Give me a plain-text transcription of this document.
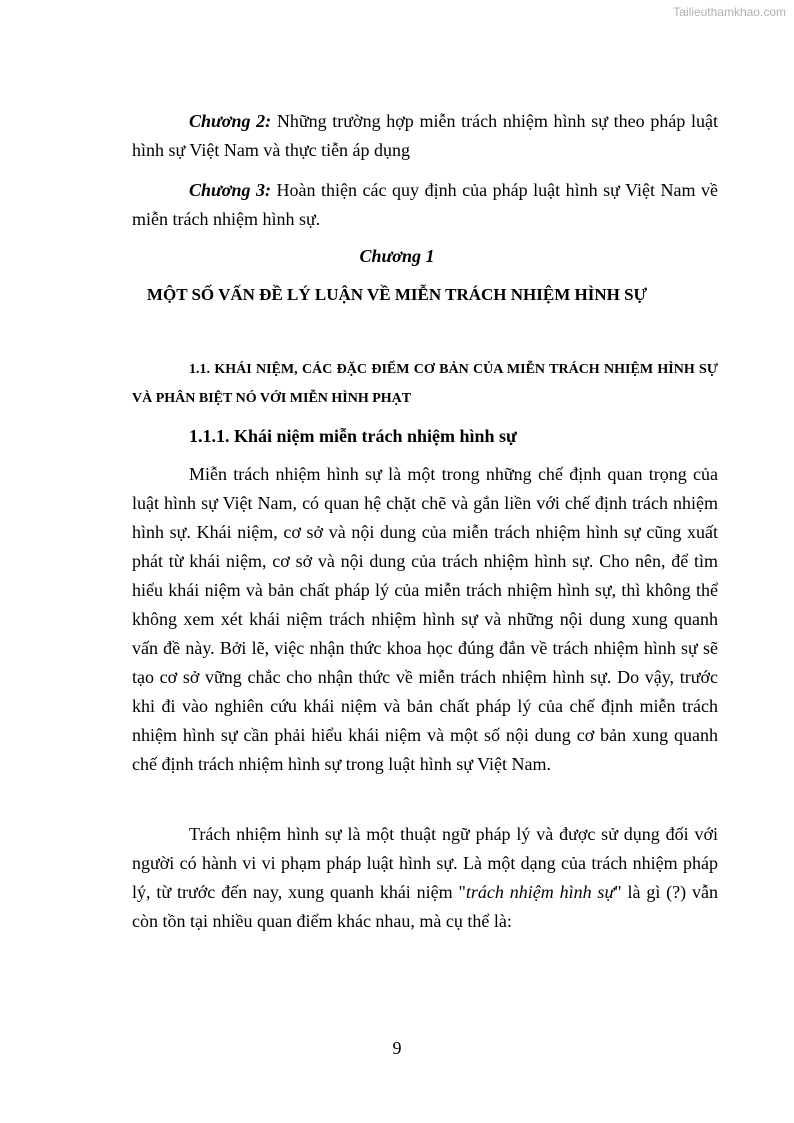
Tailieuthamkhao.com
Chương 2: Những trường hợp miễn trách nhiệm hình sự theo pháp luật hình sự Việt Nam và thực tiễn áp dụng
Chương 3: Hoàn thiện các quy định của pháp luật hình sự Việt Nam về miễn trách nhiệm hình sự.
Chương 1
MỘT SỐ VẤN ĐỀ LÝ LUẬN VỀ MIỄN TRÁCH NHIỆM HÌNH SỰ
1.1. KHÁI NIỆM, CÁC ĐẶC ĐIỂM CƠ BẢN CỦA MIỄN TRÁCH NHIỆM HÌNH SỰ VÀ PHÂN BIỆT NÓ VỚI MIỄN HÌNH PHẠT
1.1.1. Khái niệm miễn trách nhiệm hình sự
Miễn trách nhiệm hình sự là một trong những chế định quan trọng của luật hình sự Việt Nam, có quan hệ chặt chẽ và gắn liền với chế định trách nhiệm hình sự. Khái niệm, cơ sở và nội dung của miễn trách nhiệm hình sự cũng xuất phát từ khái niệm, cơ sở và nội dung của trách nhiệm hình sự. Cho nên, để tìm hiểu khái niệm và bản chất pháp lý của miễn trách nhiệm hình sự, thì không thể không xem xét khái niệm trách nhiệm hình sự và những nội dung xung quanh vấn đề này. Bởi lẽ, việc nhận thức khoa học đúng đắn về trách nhiệm hình sự sẽ tạo cơ sở vững chắc cho nhận thức về miễn trách nhiệm hình sự. Do vậy, trước khi đi vào nghiên cứu khái niệm và bản chất pháp lý của chế định miễn trách nhiệm hình sự cần phải hiểu khái niệm và một số nội dung cơ bản xung quanh chế định trách nhiệm hình sự trong luật hình sự Việt Nam.
Trách nhiệm hình sự là một thuật ngữ pháp lý và được sử dụng đối với người có hành vi vi phạm pháp luật hình sự. Là một dạng của trách nhiệm pháp lý, từ trước đến nay, xung quanh khái niệm "trách nhiệm hình sự" là gì (?) vẫn còn tồn tại nhiều quan điểm khác nhau, mà cụ thể là:
9
